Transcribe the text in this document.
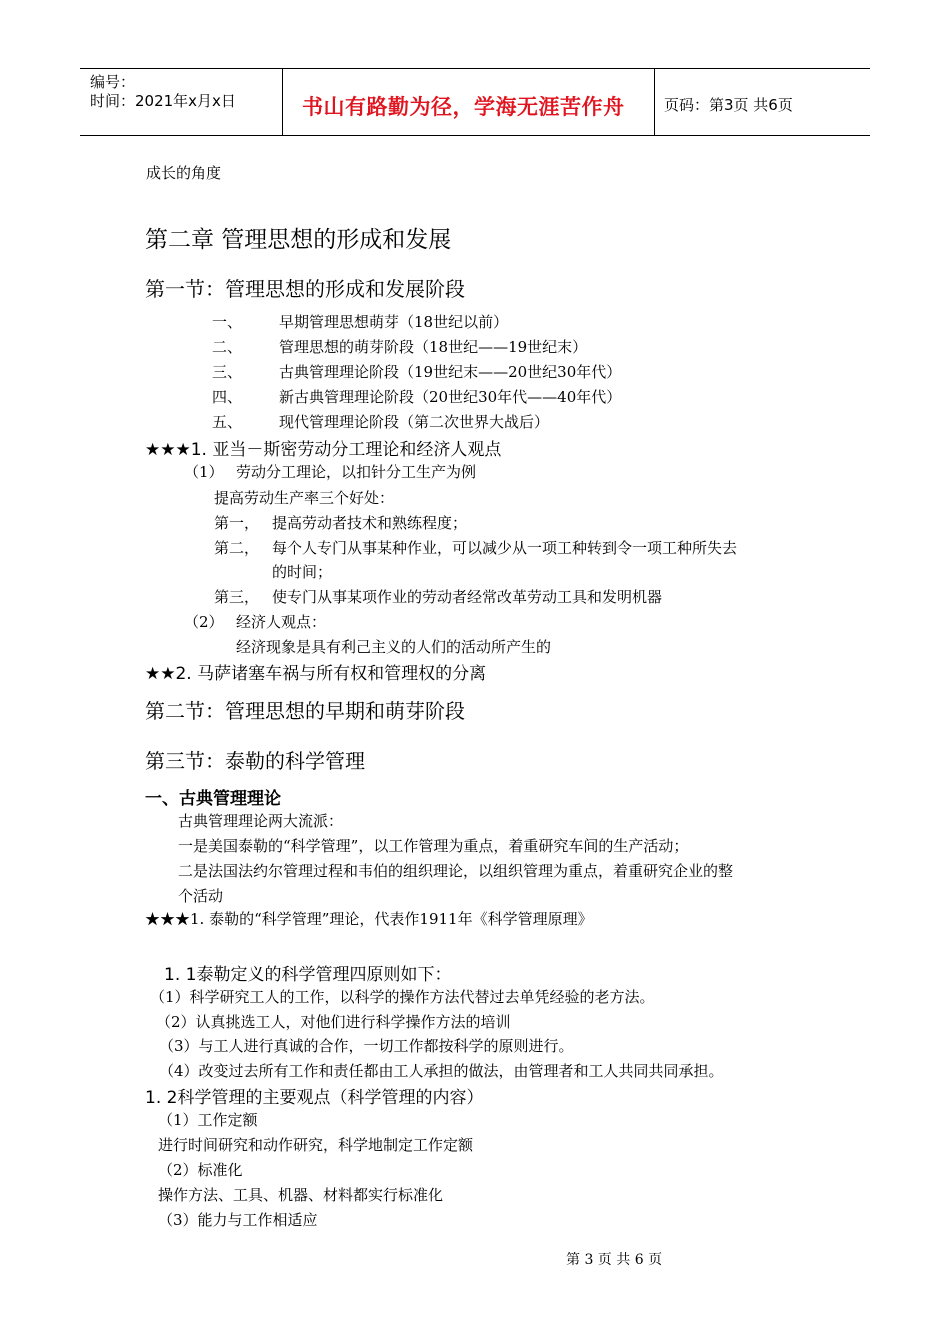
编号：
时间：2021年x月x日	书山有路勤为径，学海无涯苦作舟	页码：第3页 共6页
成长的角度
第二章 管理思想的形成和发展
第一节：管理思想的形成和发展阶段
一、 早期管理思想萌芽（18世纪以前）
二、 管理思想的萌芽阶段（18世纪——19世纪末）
三、 古典管理理论阶段（19世纪末——20世纪30年代）
四、 新古典管理理论阶段（20世纪30年代——40年代）
五、 现代管理理论阶段（第二次世界大战后）
★★★1. 亚当－斯密劳动分工理论和经济人观点
（1） 劳动分工理论，以扣针分工生产为例
提高劳动生产率三个好处：
第一， 提高劳动者技术和熟练程度；
第二， 每个人专门从事某种作业，可以减少从一项工种转到令一项工种所失去
的时间；
第三， 使专门从事某项作业的劳动者经常改革劳动工具和发明机器
（2） 经济人观点：
经济现象是具有利己主义的人们的活动所产生的
★★2. 马萨诸塞车祸与所有权和管理权的分离
第二节：管理思想的早期和萌芽阶段
第三节：泰勒的科学管理
一、古典管理理论
古典管理理论两大流派：
一是美国泰勒的“科学管理”，以工作管理为重点，着重研究车间的生产活动；
二是法国法约尔管理过程和韦伯的组织理论，以组织管理为重点，着重研究企业的整
个活动
★★★1. 泰勒的“科学管理”理论，代表作1911年《科学管理原理》
1. 1泰勒定义的科学管理四原则如下：
（1）科学研究工人的工作，以科学的操作方法代替过去单凭经验的老方法。
（2）认真挑选工人，对他们进行科学操作方法的培训
（3）与工人进行真诚的合作，一切工作都按科学的原则进行。
（4）改变过去所有工作和责任都由工人承担的做法，由管理者和工人共同共同承担。
1. 2科学管理的主要观点（科学管理的内容）
（1）工作定额
进行时间研究和动作研究，科学地制定工作定额
（2）标准化
操作方法、工具、机器、材料都实行标准化
（3）能力与工作相适应
第 3 页 共 6 页
